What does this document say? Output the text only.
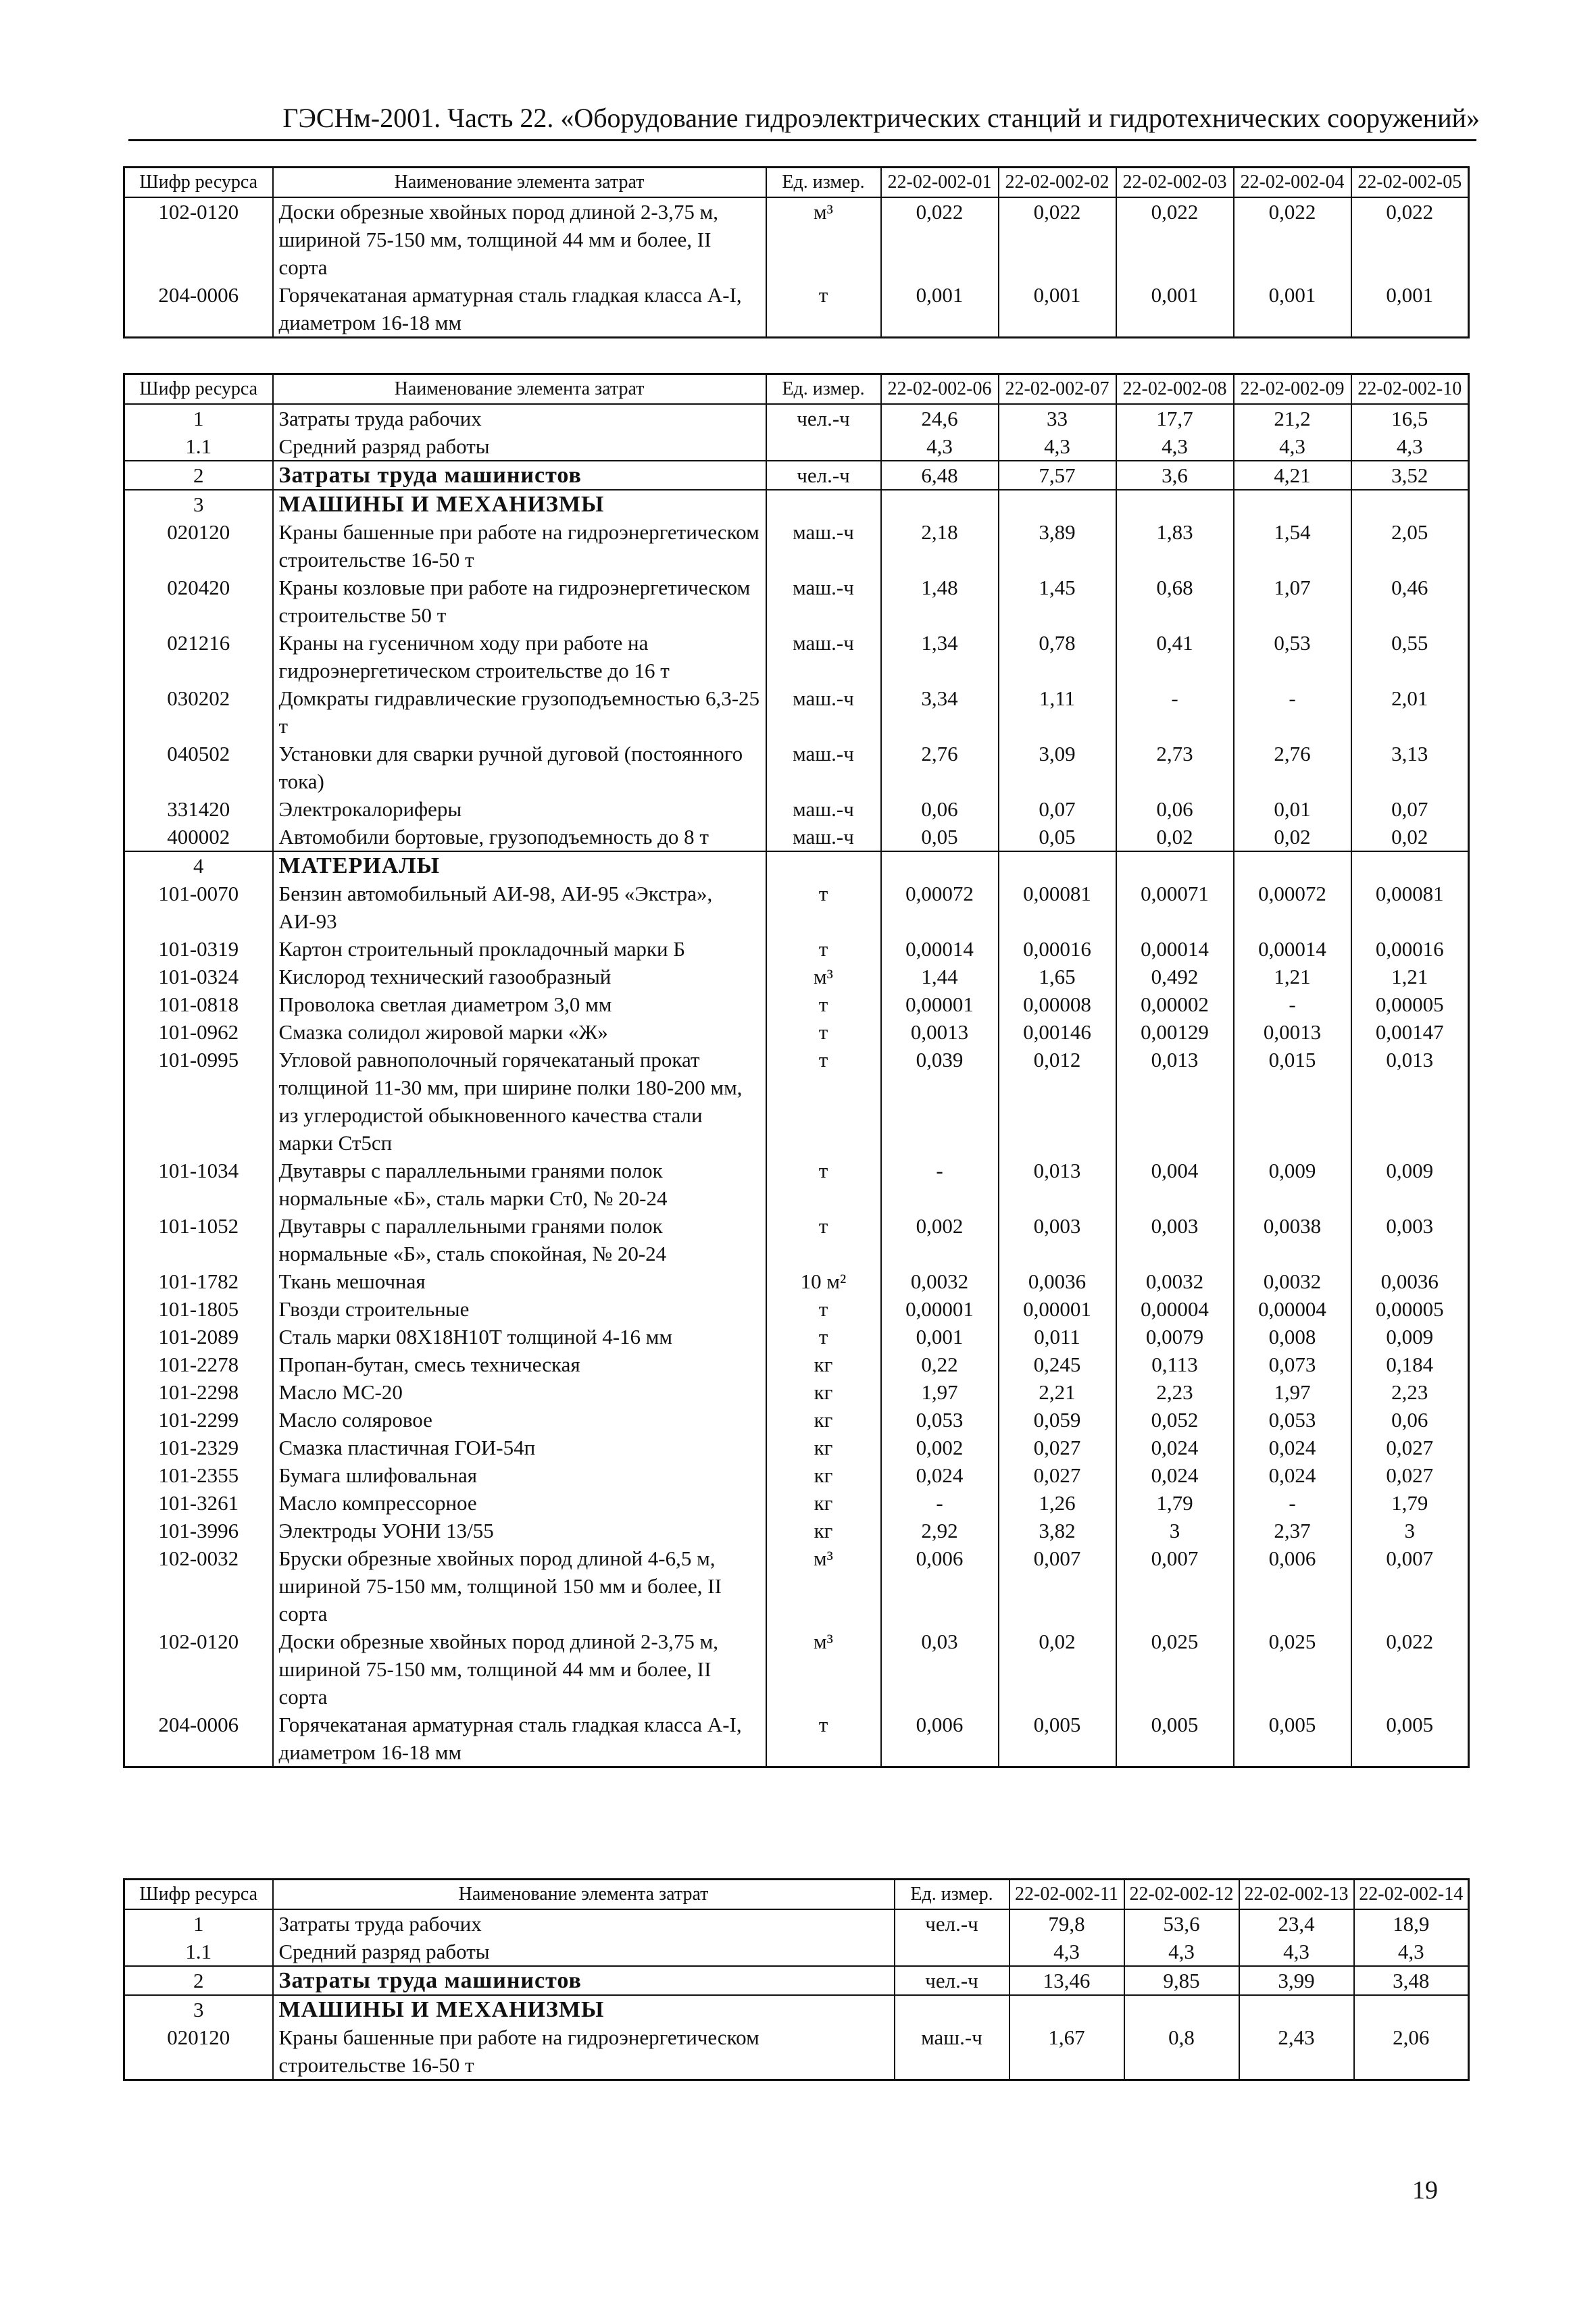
ГЭСНм-2001. Часть 22. «Оборудование гидроэлектрических станций и гидротехнических сооружений»
Шифр ресурса	Наименование элемента затрат	Ед. измер.	22-02-002-01	22-02-002-02	22-02-002-03	22-02-002-04	22-02-002-05
102-0120	Доски обрезные хвойных пород длиной 2-3,75 м, шириной 75-150 мм, толщиной 44 мм и более, II сорта	м³	0,022	0,022	0,022	0,022	0,022
204-0006	Горячекатаная арматурная сталь гладкая класса А-I, диаметром 16-18 мм	т	0,001	0,001	0,001	0,001	0,001
Шифр ресурса	Наименование элемента затрат	Ед. измер.	22-02-002-06	22-02-002-07	22-02-002-08	22-02-002-09	22-02-002-10
1	Затраты труда рабочих	чел.-ч	24,6	33	17,7	21,2	16,5
1.1	Средний разряд работы		4,3	4,3	4,3	4,3	4,3
2	Затраты труда машинистов	чел.-ч	6,48	7,57	3,6	4,21	3,52
3	МАШИНЫ И МЕХАНИЗМЫ						
020120	Краны башенные при работе на гидроэнергетическом строительстве 16-50 т	маш.-ч	2,18	3,89	1,83	1,54	2,05
020420	Краны козловые при работе на гидроэнергетическом строительстве 50 т	маш.-ч	1,48	1,45	0,68	1,07	0,46
021216	Краны на гусеничном ходу при работе на гидроэнергетическом строительстве до 16 т	маш.-ч	1,34	0,78	0,41	0,53	0,55
030202	Домкраты гидравлические грузоподъемностью 6,3-25 т	маш.-ч	3,34	1,11	-	-	2,01
040502	Установки для сварки ручной дуговой (постоянного тока)	маш.-ч	2,76	3,09	2,73	2,76	3,13
331420	Электрокалориферы	маш.-ч	0,06	0,07	0,06	0,01	0,07
400002	Автомобили бортовые, грузоподъемность до 8 т	маш.-ч	0,05	0,05	0,02	0,02	0,02
4	МАТЕРИАЛЫ						
101-0070	Бензин автомобильный АИ-98, АИ-95 «Экстра», АИ-93	т	0,00072	0,00081	0,00071	0,00072	0,00081
101-0319	Картон строительный прокладочный марки Б	т	0,00014	0,00016	0,00014	0,00014	0,00016
101-0324	Кислород технический газообразный	м³	1,44	1,65	0,492	1,21	1,21
101-0818	Проволока светлая диаметром 3,0 мм	т	0,00001	0,00008	0,00002	-	0,00005
101-0962	Смазка солидол жировой марки «Ж»	т	0,0013	0,00146	0,00129	0,0013	0,00147
101-0995	Угловой равнополочный горячекатаный прокат толщиной 11-30 мм, при ширине полки 180-200 мм, из углеродистой обыкновенного качества стали марки Ст5сп	т	0,039	0,012	0,013	0,015	0,013
101-1034	Двутавры с параллельными гранями полок нормальные «Б», сталь марки Ст0, № 20-24	т	-	0,013	0,004	0,009	0,009
101-1052	Двутавры с параллельными гранями полок нормальные «Б», сталь спокойная, № 20-24	т	0,002	0,003	0,003	0,0038	0,003
101-1782	Ткань мешочная	10 м²	0,0032	0,0036	0,0032	0,0032	0,0036
101-1805	Гвозди строительные	т	0,00001	0,00001	0,00004	0,00004	0,00005
101-2089	Сталь марки 08Х18Н10Т толщиной 4-16 мм	т	0,001	0,011	0,0079	0,008	0,009
101-2278	Пропан-бутан, смесь техническая	кг	0,22	0,245	0,113	0,073	0,184
101-2298	Масло МС-20	кг	1,97	2,21	2,23	1,97	2,23
101-2299	Масло соляровое	кг	0,053	0,059	0,052	0,053	0,06
101-2329	Смазка пластичная ГОИ-54п	кг	0,002	0,027	0,024	0,024	0,027
101-2355	Бумага шлифовальная	кг	0,024	0,027	0,024	0,024	0,027
101-3261	Масло компрессорное	кг	-	1,26	1,79	-	1,79
101-3996	Электроды УОНИ 13/55	кг	2,92	3,82	3	2,37	3
102-0032	Бруски обрезные хвойных пород длиной 4-6,5 м, шириной 75-150 мм, толщиной 150 мм и более, II сорта	м³	0,006	0,007	0,007	0,006	0,007
102-0120	Доски обрезные хвойных пород длиной 2-3,75 м, шириной 75-150 мм, толщиной 44 мм и более, II сорта	м³	0,03	0,02	0,025	0,025	0,022
204-0006	Горячекатаная арматурная сталь гладкая класса А-I, диаметром 16-18 мм	т	0,006	0,005	0,005	0,005	0,005
Шифр ресурса	Наименование элемента затрат	Ед. измер.	22-02-002-11	22-02-002-12	22-02-002-13	22-02-002-14
1	Затраты труда рабочих	чел.-ч	79,8	53,6	23,4	18,9
1.1	Средний разряд работы		4,3	4,3	4,3	4,3
2	Затраты труда машинистов	чел.-ч	13,46	9,85	3,99	3,48
3	МАШИНЫ И МЕХАНИЗМЫ					
020120	Краны башенные при работе на гидроэнергетическом строительстве 16-50 т	маш.-ч	1,67	0,8	2,43	2,06
19
